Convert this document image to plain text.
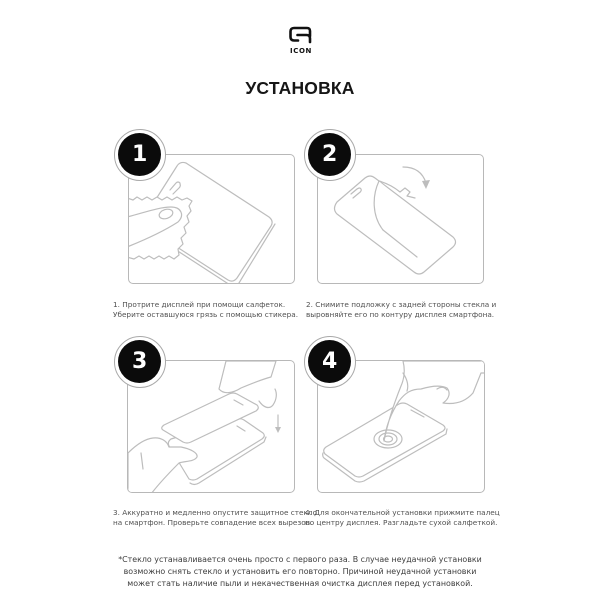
ICON
УСТАНОВКА
1
1. Протрите дисплей при помощи салфеток.
Уберите оставшуюся грязь с помощью стикера.
2
2. Снимите подложку с задней стороны стекла и
выровняйте его по контуру дисплея смартфона.
3
3. Аккуратно и медленно опустите защитное стекло
на смартфон. Проверьте совпадение всех вырезов.
4
4. Для окончательной установки прижмите палец
по центру дисплея. Разгладьте сухой салфеткой.
*Стекло устанавливается очень просто с первого раза. В случае неудачной установки
возможно снять стекло и установить его повторно. Причиной неудачной установки
может стать наличие пыли и некачественная очистка дисплея перед установкой.
